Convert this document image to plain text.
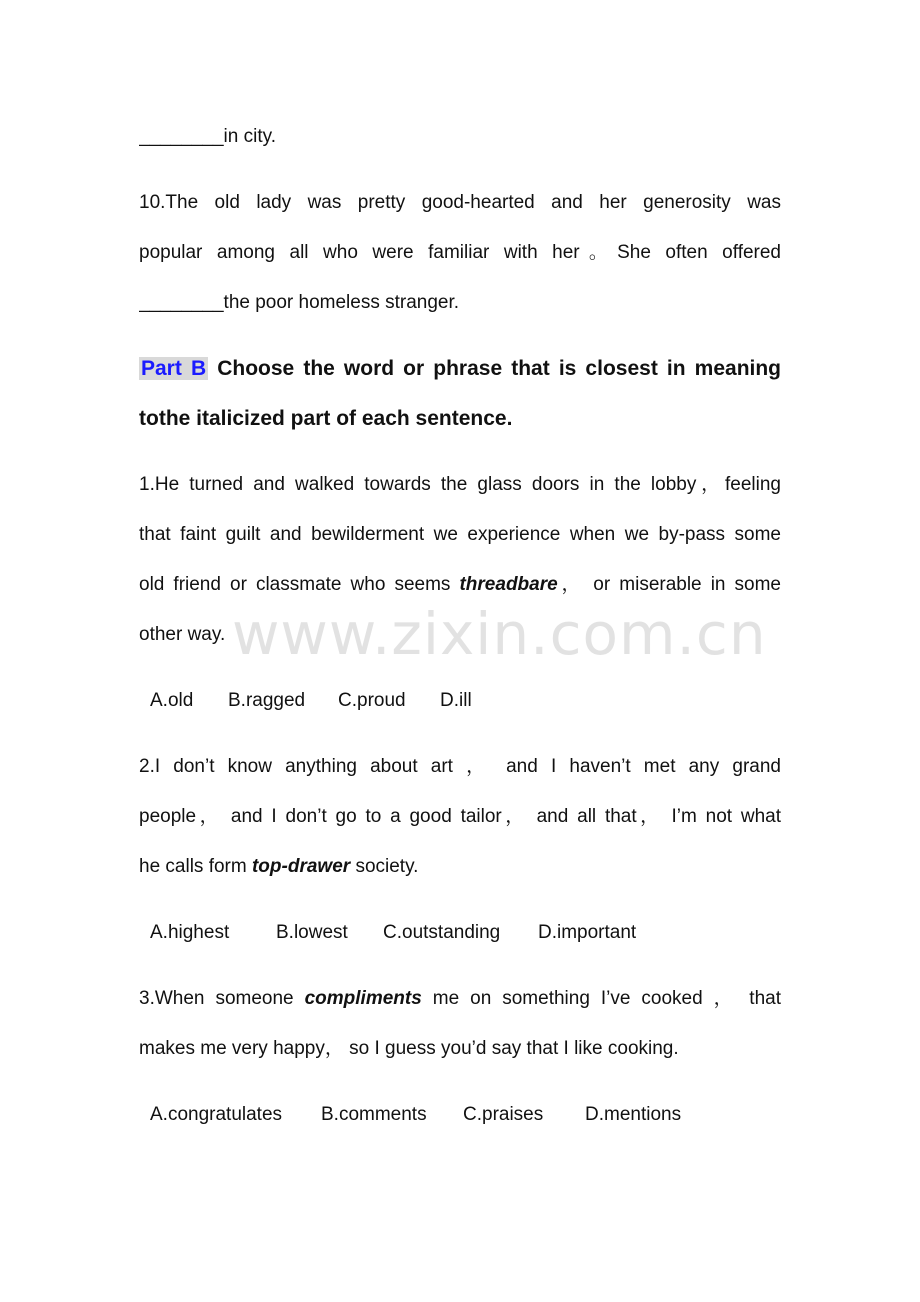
www.zixin.com.cn
________in city.
10.The old lady was pretty good-hearted and her generosity was
popular among all who were familiar with her。She often offered
________the poor homeless stranger.
Part B Choose the word or phrase that is closest in meaning
tothe italicized part of each sentence.
1.He turned and walked towards the glass doors in the lobby，feeling
that faint guilt and bewilderment we experience when we by-pass some
old friend or classmate who seems threadbare， or miserable in some
other way.
A.old B.ragged C.proud D.ill
2.I don’t know anything about art ， and I haven’t met any grand
people， and I don’t go to a good tailor， and all that， I’m not what
he calls form top-drawer society.
A.highest B.lowest C.outstanding D.important
3.When someone compliments me on something I’ve cooked ， that
makes me very happy， so I guess you’d say that I like cooking.
A.congratulates B.comments C.praises D.mentions
